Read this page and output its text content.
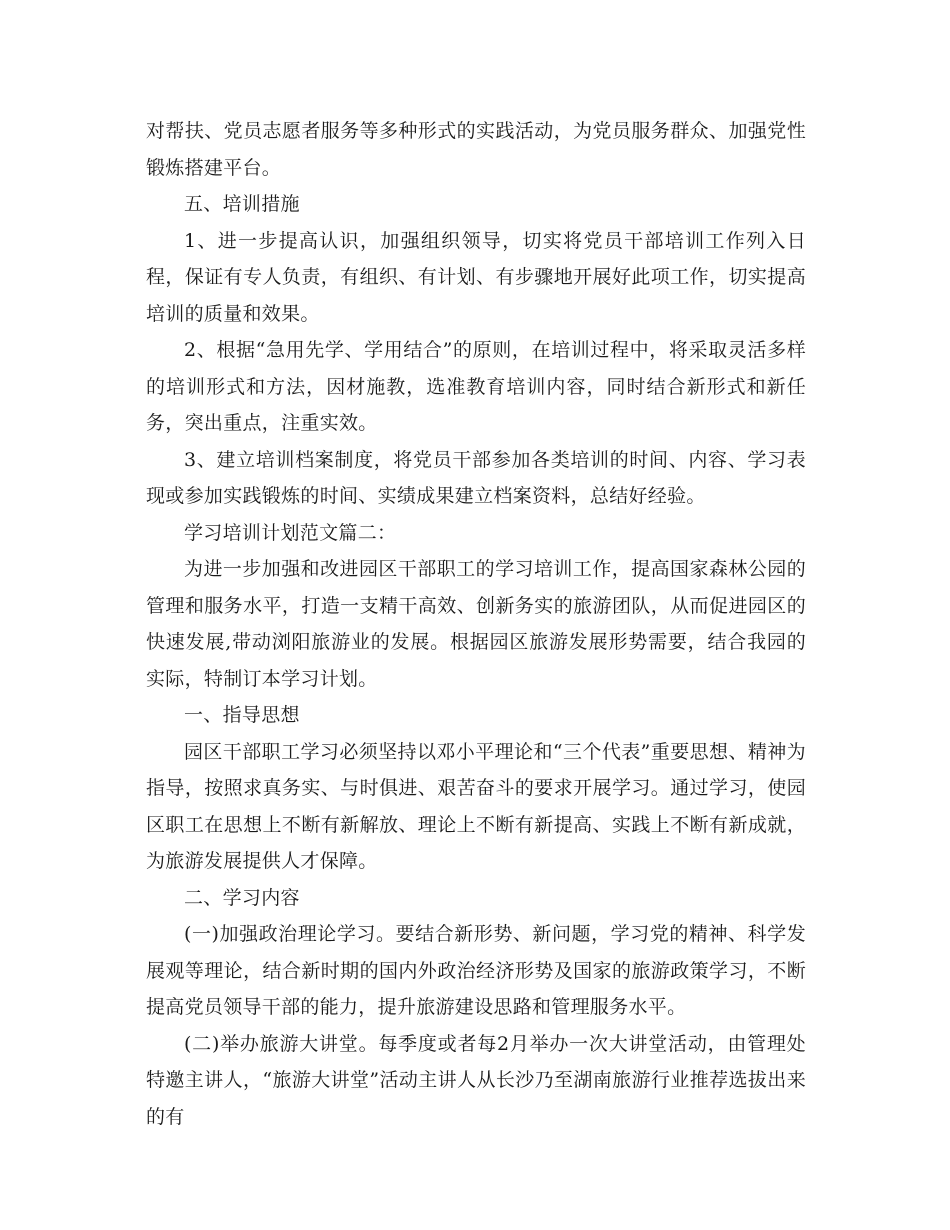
对帮扶、党员志愿者服务等多种形式的实践活动，为党员服务群众、加强党性锻炼搭建平台。

五、培训措施

1、进一步提高认识，加强组织领导，切实将党员干部培训工作列入日程，保证有专人负责，有组织、有计划、有步骤地开展好此项工作，切实提高培训的质量和效果。

2、根据“急用先学、学用结合”的原则，在培训过程中，将采取灵活多样的培训形式和方法，因材施教，选准教育培训内容，同时结合新形式和新任务，突出重点，注重实效。

3、建立培训档案制度，将党员干部参加各类培训的时间、内容、学习表现或参加实践锻炼的时间、实绩成果建立档案资料，总结好经验。

学习培训计划范文篇二：

为进一步加强和改进园区干部职工的学习培训工作，提高国家森林公园的管理和服务水平，打造一支精干高效、创新务实的旅游团队，从而促进园区的快速发展,带动浏阳旅游业的发展。根据园区旅游发展形势需要，结合我园的实际，特制订本学习计划。

一、指导思想

园区干部职工学习必须坚持以邓小平理论和“三个代表”重要思想、精神为指导，按照求真务实、与时俱进、艰苦奋斗的要求开展学习。通过学习，使园区职工在思想上不断有新解放、理论上不断有新提高、实践上不断有新成就，为旅游发展提供人才保障。

二、学习内容

(一)加强政治理论学习。要结合新形势、新问题，学习党的精神、科学发展观等理论，结合新时期的国内外政治经济形势及国家的旅游政策学习，不断提高党员领导干部的能力，提升旅游建设思路和管理服务水平。

(二)举办旅游大讲堂。每季度或者每2月举办一次大讲堂活动，由管理处特邀主讲人，“旅游大讲堂”活动主讲人从长沙乃至湖南旅游行业推荐选拔出来的有
